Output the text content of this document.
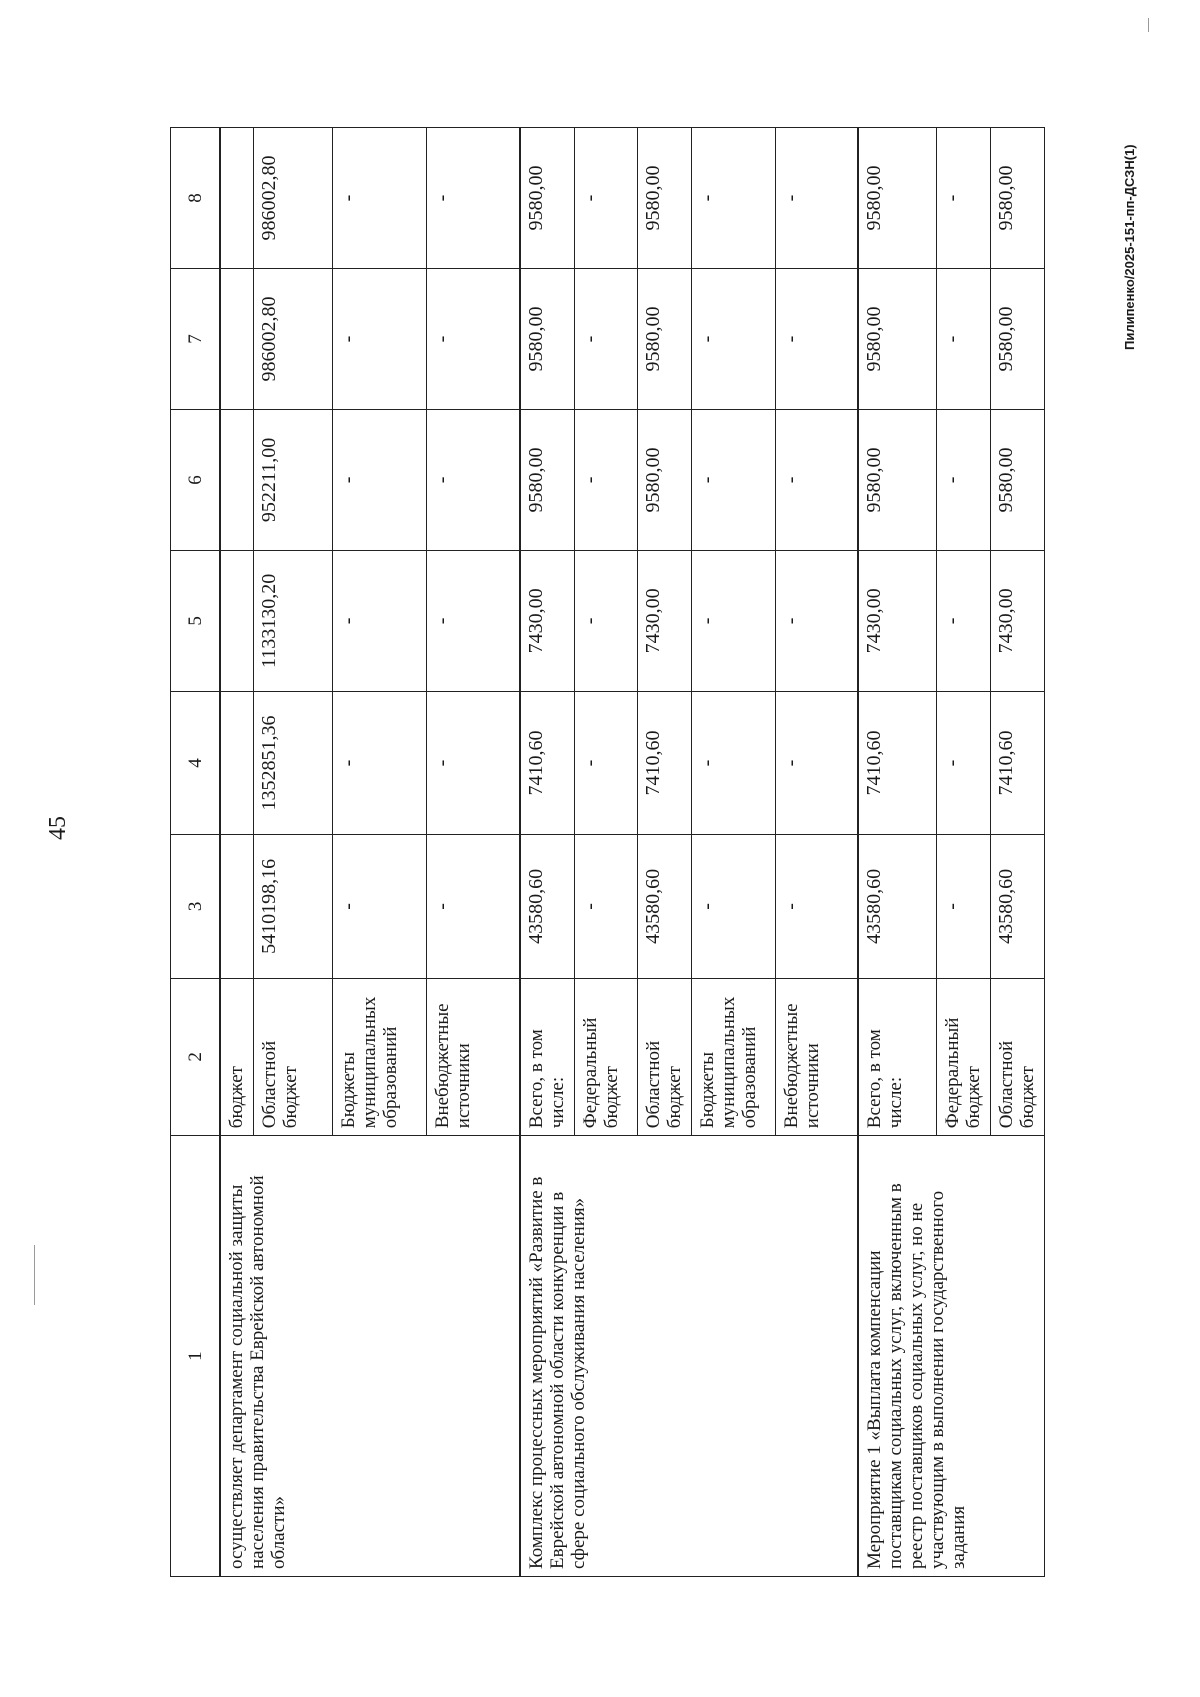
45
Пилипенко/2025-151-пп-ДСЗН(1)
1	2	3	4	5	6	7	8
осуществляет департамент социальной защиты населения правительства Еврейской автономной области»	бюджет						
	Областной бюджет	5410198,16	1352851,36	1133130,20	952211,00	986002,80	986002,80
	Бюджеты муниципальных образований	-	-	-	-	-	-
	Внебюджетные источники	-	-	-	-	-	-
Комплекс процессных мероприятий «Развитие в Еврейской автономной области конкуренции в сфере социального обслуживания населения»	Всего, в том числе:	43580,60	7410,60	7430,00	9580,00	9580,00	9580,00
	Федеральный бюджет	-	-	-	-	-	-
	Областной бюджет	43580,60	7410,60	7430,00	9580,00	9580,00	9580,00
	Бюджеты муниципальных образований	-	-	-	-	-	-
	Внебюджетные источники	-	-	-	-	-	-
Мероприятие 1 «Выплата компенсации поставщикам социальных услуг, включенным в реестр поставщиков социальных услуг, но не участвующим в выполнении государственного задания	Всего, в том числе:	43580,60	7410,60	7430,00	9580,00	9580,00	9580,00
	Федеральный бюджет	-	-	-	-	-	-
	Областной бюджет	43580,60	7410,60	7430,00	9580,00	9580,00	9580,00
